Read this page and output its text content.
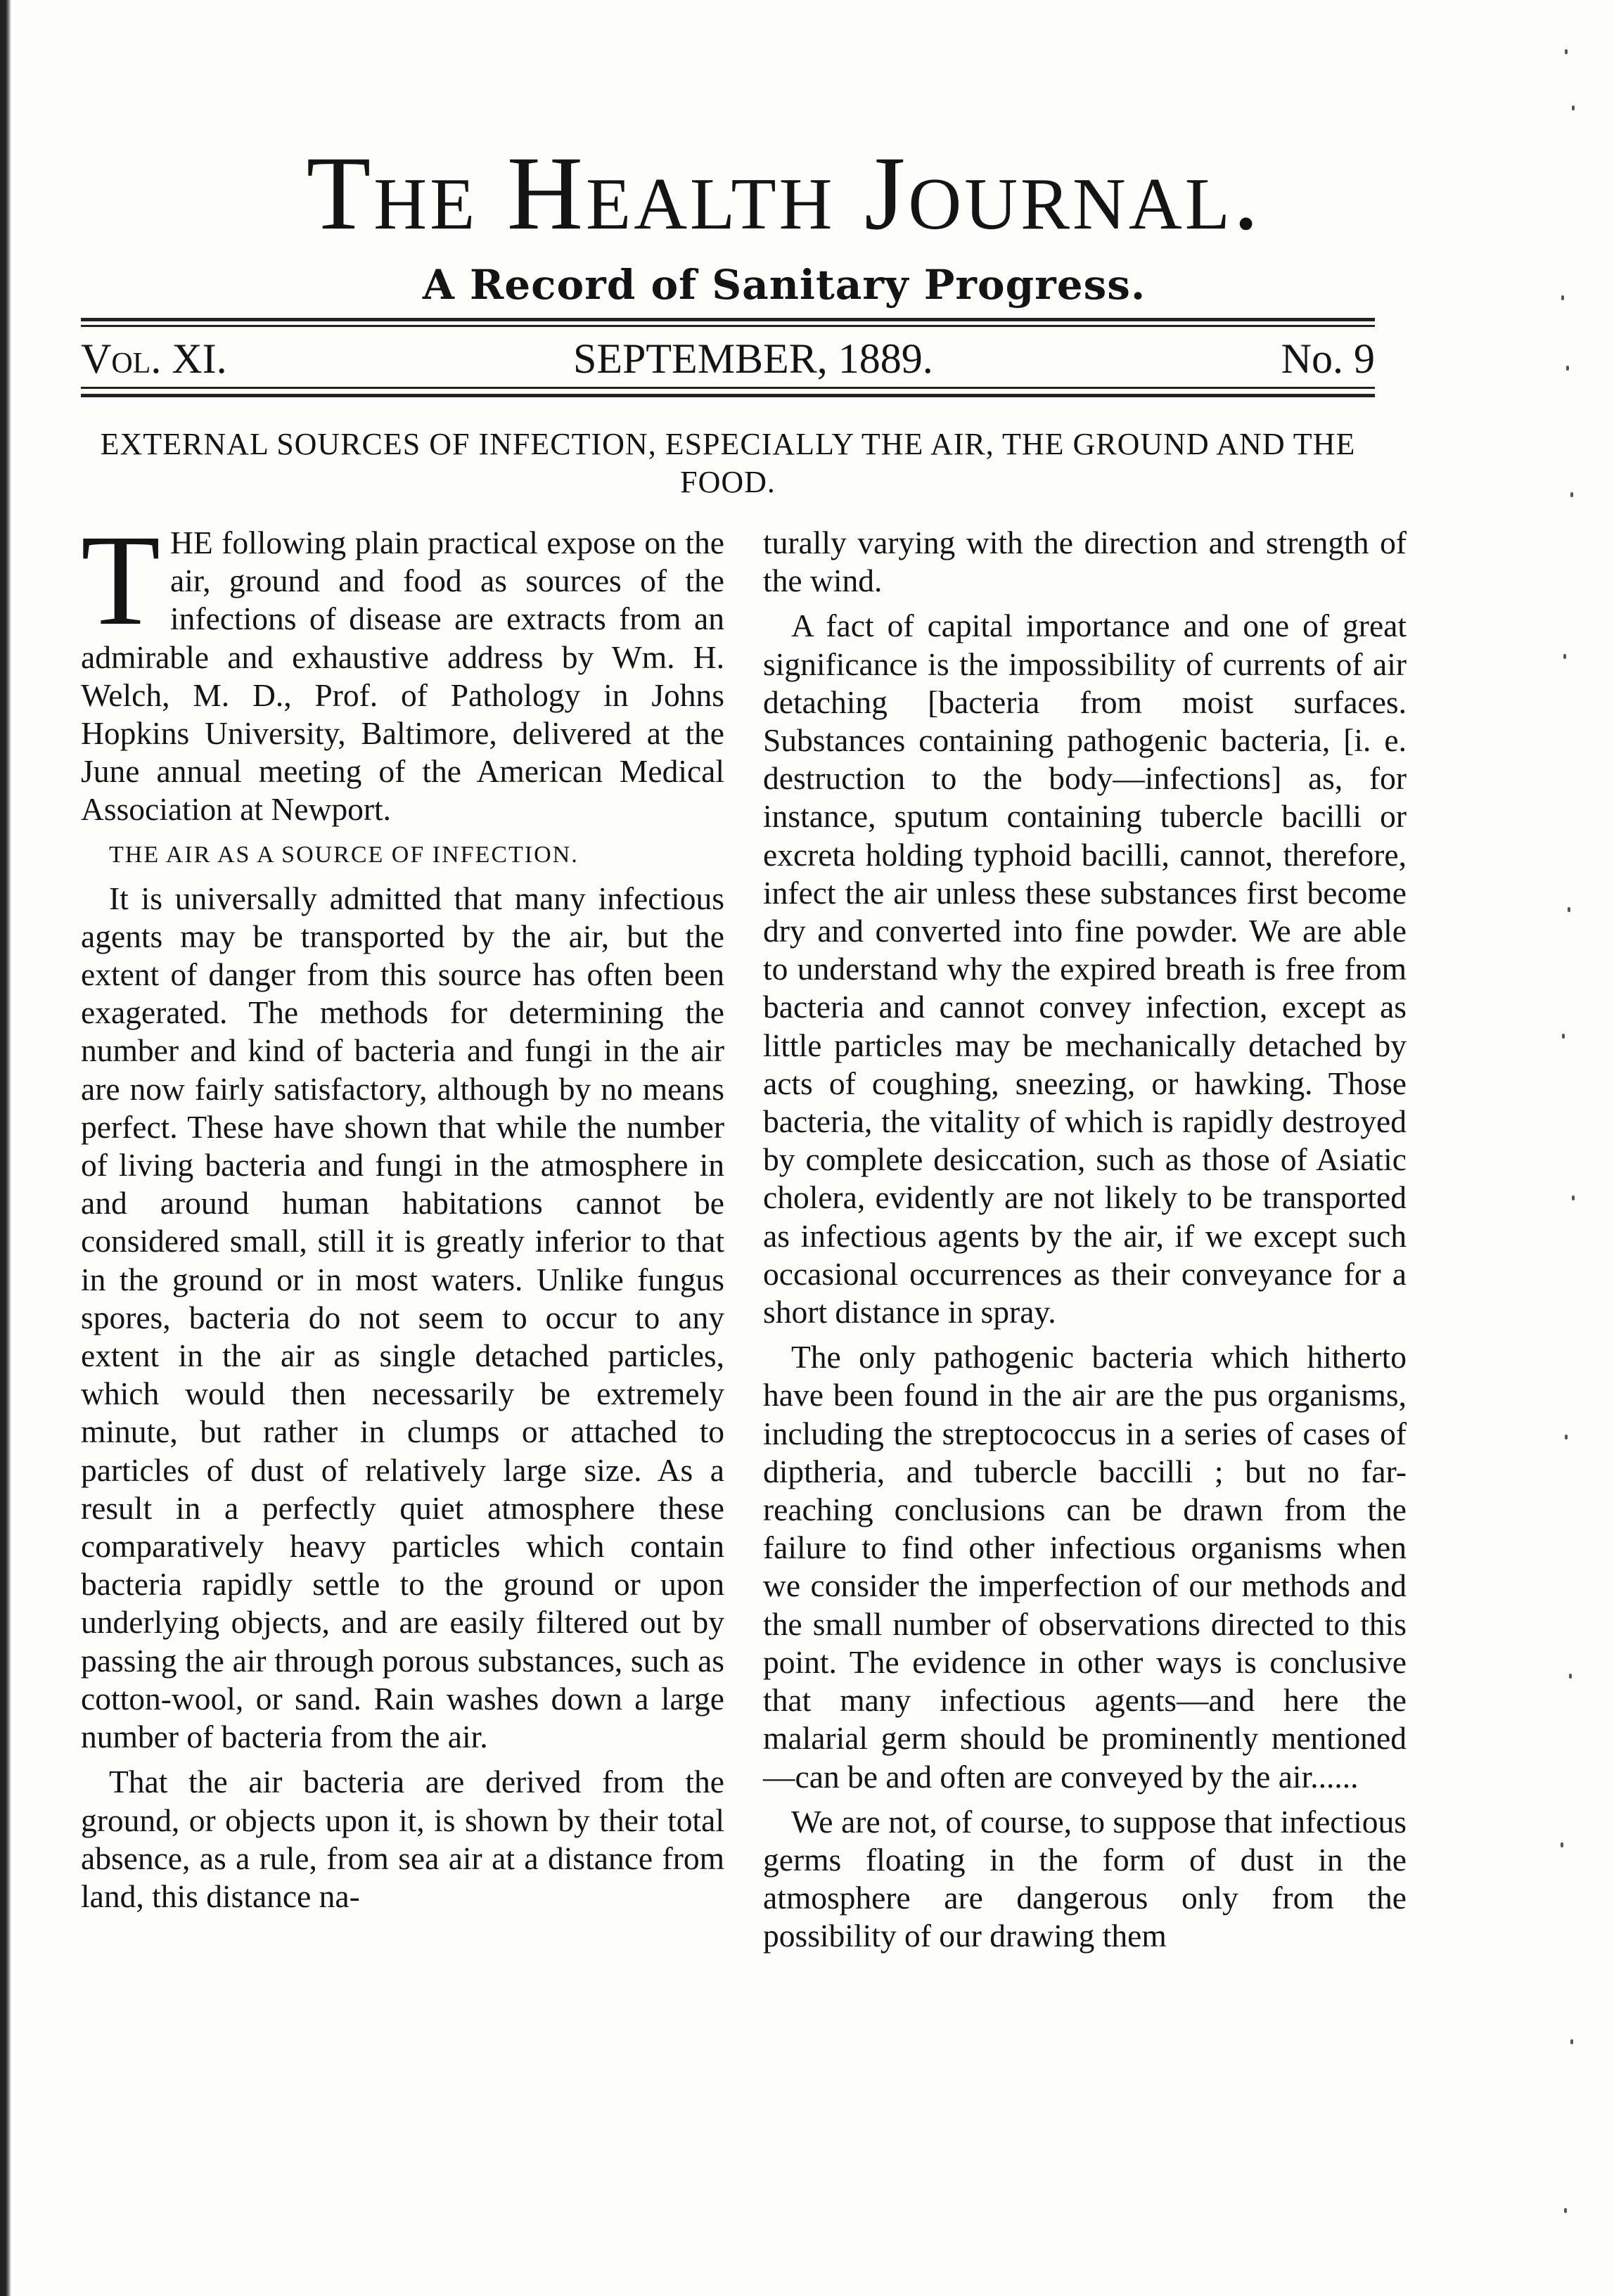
The Health Journal.
A Record of Sanitary Progress.
Vol. XI.	SEPTEMBER, 1889.	No. 9
EXTERNAL SOURCES OF INFECTION, ESPECIALLY THE AIR, THE GROUND AND THE FOOD.

THE following plain practical expose on the air, ground and food as sources of the infections of disease are extracts from an admirable and exhaustive address by Wm. H. Welch, M. D., Prof. of Pathology in Johns Hopkins University, Baltimore, delivered at the June annual meeting of the American Medical Association at Newport.

THE AIR AS A SOURCE OF INFECTION.

It is universally admitted that many infectious agents may be transported by the air, but the extent of danger from this source has often been exagerated. The methods for determining the number and kind of bacteria and fungi in the air are now fairly satisfactory, although by no means perfect. These have shown that while the number of living bacteria and fungi in the atmosphere in and around human habitations cannot be considered small, still it is greatly inferior to that in the ground or in most waters. Unlike fungus spores, bacteria do not seem to occur to any extent in the air as single detached particles, which would then necessarily be extremely minute, but rather in clumps or attached to particles of dust of relatively large size. As a result in a perfectly quiet atmosphere these comparatively heavy particles which contain bacteria rapidly settle to the ground or upon underlying objects, and are easily filtered out by passing the air through porous substances, such as cotton-wool, or sand. Rain washes down a large number of bacteria from the air.

That the air bacteria are derived from the ground, or objects upon it, is shown by their total absence, as a rule, from sea air at a distance from land, this distance na-

turally varying with the direction and strength of the wind.

A fact of capital importance and one of great significance is the impossibility of currents of air detaching [bacteria from moist surfaces. Substances containing pathogenic bacteria, [i. e. destruction to the body—infections] as, for instance, sputum containing tubercle bacilli or excreta holding typhoid bacilli, cannot, therefore, infect the air unless these substances first become dry and converted into fine powder. We are able to understand why the expired breath is free from bacteria and cannot convey infection, except as little particles may be mechanically detached by acts of coughing, sneezing, or hawking. Those bacteria, the vitality of which is rapidly destroyed by complete desiccation, such as those of Asiatic cholera, evidently are not likely to be transported as infectious agents by the air, if we except such occasional occurrences as their conveyance for a short distance in spray.

The only pathogenic bacteria which hitherto have been found in the air are the pus organisms, including the streptococcus in a series of cases of diptheria, and tubercle baccilli ; but no far-reaching conclusions can be drawn from the failure to find other infectious organisms when we consider the imperfection of our methods and the small number of observations directed to this point. The evidence in other ways is conclusive that many infectious agents—and here the malarial germ should be prominently mentioned—can be and often are conveyed by the air......

We are not, of course, to suppose that infectious germs floating in the form of dust in the atmosphere are dangerous only from the possibility of our drawing them
